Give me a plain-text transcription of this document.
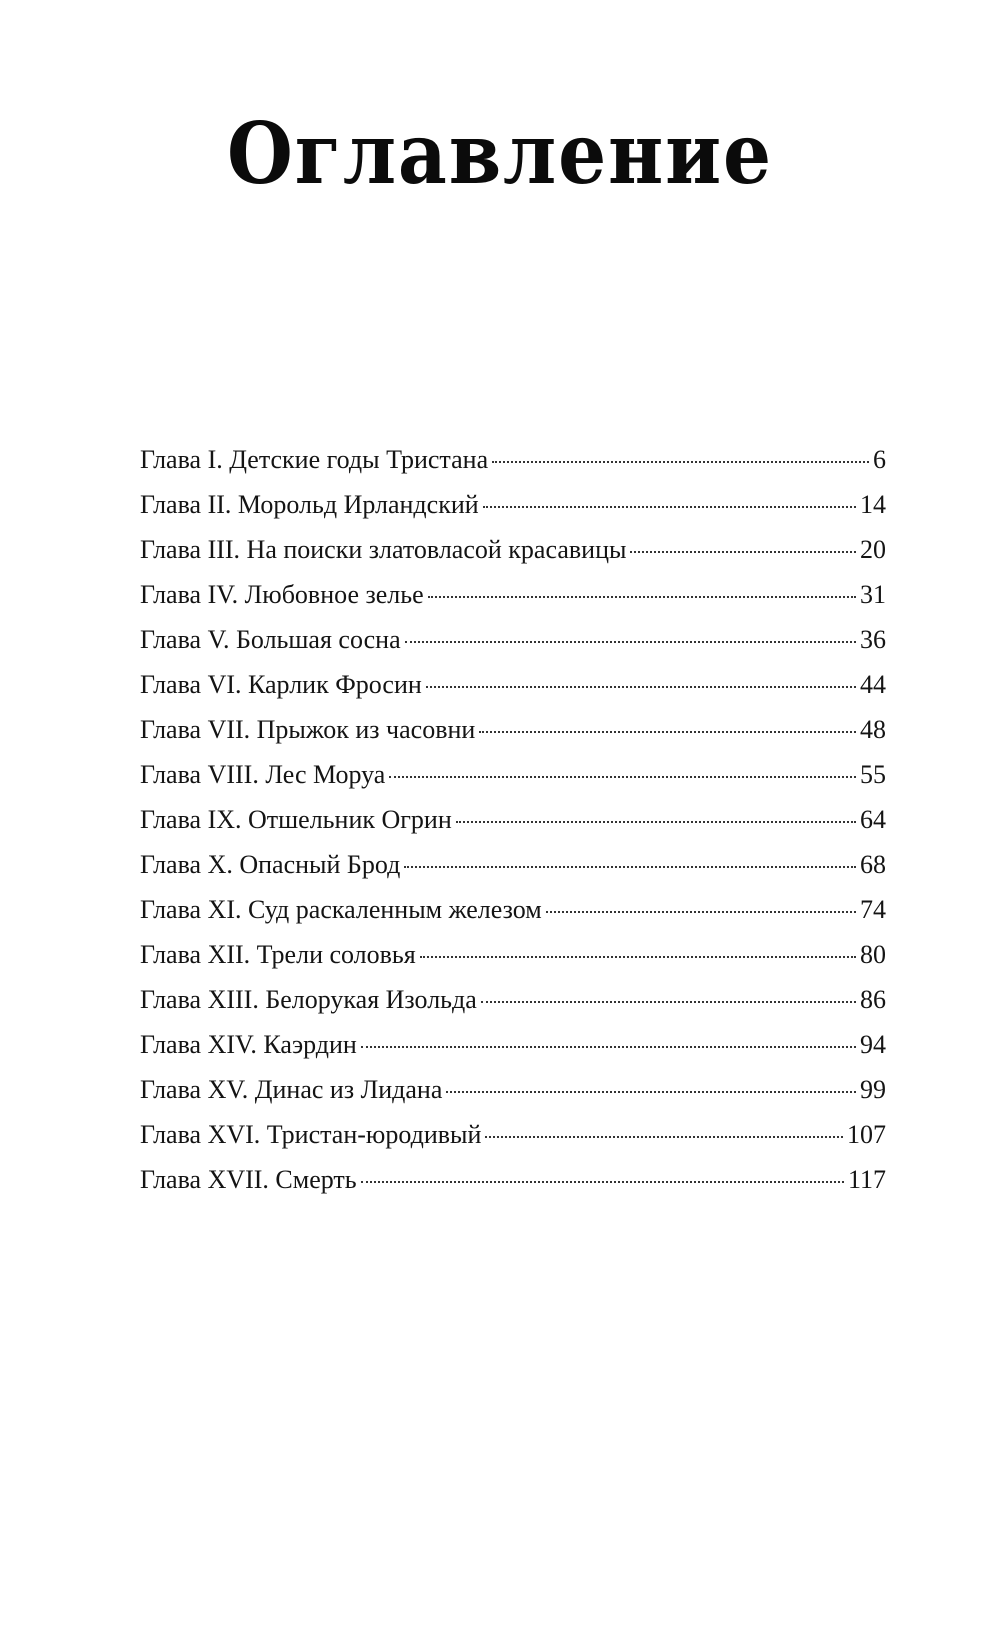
Оглавление
Глава I. Детские годы Тристана	6
Глава II. Морольд Ирландский	14
Глава III. На поиски златовласой красавицы	20
Глава IV. Любовное зелье	31
Глава V. Большая сосна	36
Глава VI. Карлик Фросин	44
Глава VII. Прыжок из часовни	48
Глава VIII. Лес Моруа	55
Глава IX. Отшельник Огрин	64
Глава X. Опасный Брод	68
Глава XI. Суд раскаленным железом	74
Глава XII. Трели соловья	80
Глава XIII. Белорукая Изольда	86
Глава XIV. Каэрдин	94
Глава XV. Динас из Лидана	99
Глава XVI. Тристан-юродивый	107
Глава XVII. Смерть	117
